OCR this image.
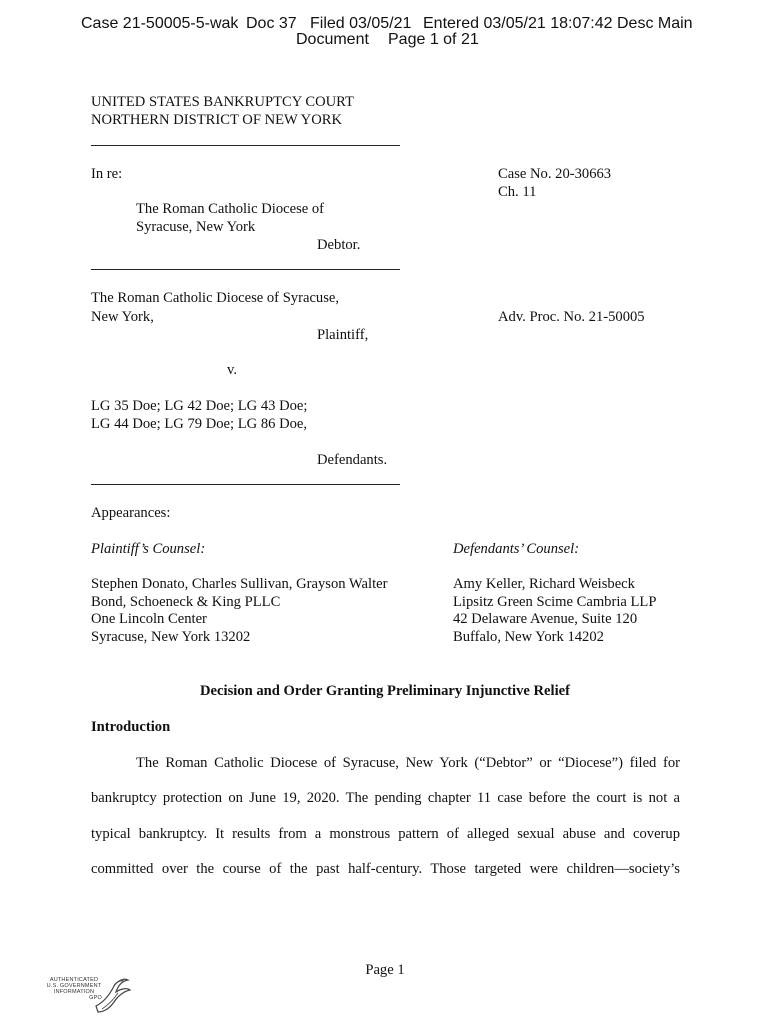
Case 21-50005-5-wak Doc 37 Filed 03/05/21 Entered 03/05/21 18:07:42 Desc Main
Document Page 1 of 21
UNITED STATES BANKRUPTCY COURT
NORTHERN DISTRICT OF NEW YORK
In re:
The Roman Catholic Diocese of
Syracuse, New York
Debtor.
Case No. 20-30663
Ch. 11
The Roman Catholic Diocese of Syracuse,
New York,
Plaintiff,
Adv. Proc. No. 21-50005
v.
LG 35 Doe; LG 42 Doe; LG 43 Doe;
LG 44 Doe; LG 79 Doe; LG 86 Doe,
Defendants.
Appearances:
Plaintiff’s Counsel:
Stephen Donato, Charles Sullivan, Grayson Walter
Bond, Schoeneck & King PLLC
One Lincoln Center
Syracuse, New York 13202
Defendants’ Counsel:
Amy Keller, Richard Weisbeck
Lipsitz Green Scime Cambria LLP
42 Delaware Avenue, Suite 120
Buffalo, New York 14202
Decision and Order Granting Preliminary Injunctive Relief
Introduction
The Roman Catholic Diocese of Syracuse, New York (“Debtor” or “Diocese”) filed for
bankruptcy protection on June 19, 2020. The pending chapter 11 case before the court is not a
typical bankruptcy. It results from a monstrous pattern of alleged sexual abuse and coverup
committed over the course of the past half-century. Those targeted were children—society’s
Page 1
AUTHENTICATED
U.S. GOVERNMENT
INFORMATION
GPO
